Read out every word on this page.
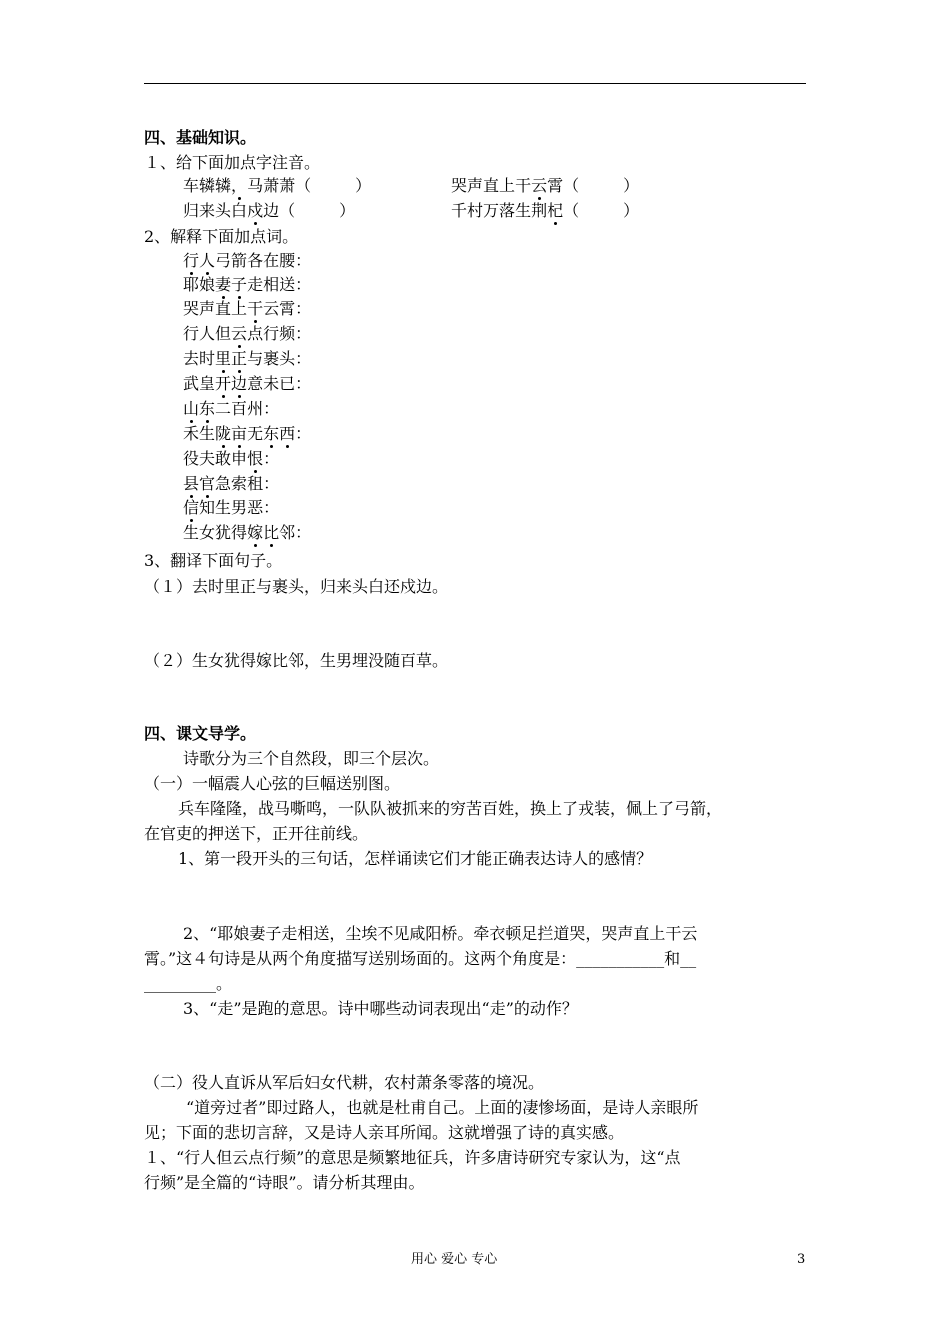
四、基础知识。
１、给下面加点字注音。
车辚辚，马萧萧（	）	哭声直上干云霄（	）
归来头白戍边（	）	千村万落生荆杞（	）
2、解释下面加点词。
行人弓箭各在腰：
耶娘妻子走相送：
哭声直上干云霄：
行人但云点行频：
去时里正与裹头：
武皇开边意未已：
山东二百州：
禾生陇亩无东西：
役夫敢申恨：
县官急索租：
信知生男恶：
生女犹得嫁比邻：
3、翻译下面句子。
（１）去时里正与裹头，归来头白还戍边。
（２）生女犹得嫁比邻，生男埋没随百草。
四、课文导学。
诗歌分为三个自然段，即三个层次。
（一）一幅震人心弦的巨幅送别图。
兵车隆隆，战马嘶鸣，一队队被抓来的穷苦百姓，换上了戎装，佩上了弓箭，
在官吏的押送下，正开往前线。
1、第一段开头的三句话，怎样诵读它们才能正确表达诗人的感情？
2、“耶娘妻子走相送，尘埃不见咸阳桥。牵衣顿足拦道哭，哭声直上干云
霄。”这４句诗是从两个角度描写送别场面的。这两个角度是：___________和__
_________。
3、“走”是跑的意思。诗中哪些动词表现出“走”的动作？
（二）役人直诉从军后妇女代耕，农村萧条零落的境况。
“道旁过者”即过路人，也就是杜甫自己。上面的凄惨场面，是诗人亲眼所
见；下面的悲切言辞，又是诗人亲耳所闻。这就增强了诗的真实感。
１、“行人但云点行频”的意思是频繁地征兵，许多唐诗研究专家认为，这“点
行频”是全篇的“诗眼”。请分析其理由。
用心 爱心 专心	3
